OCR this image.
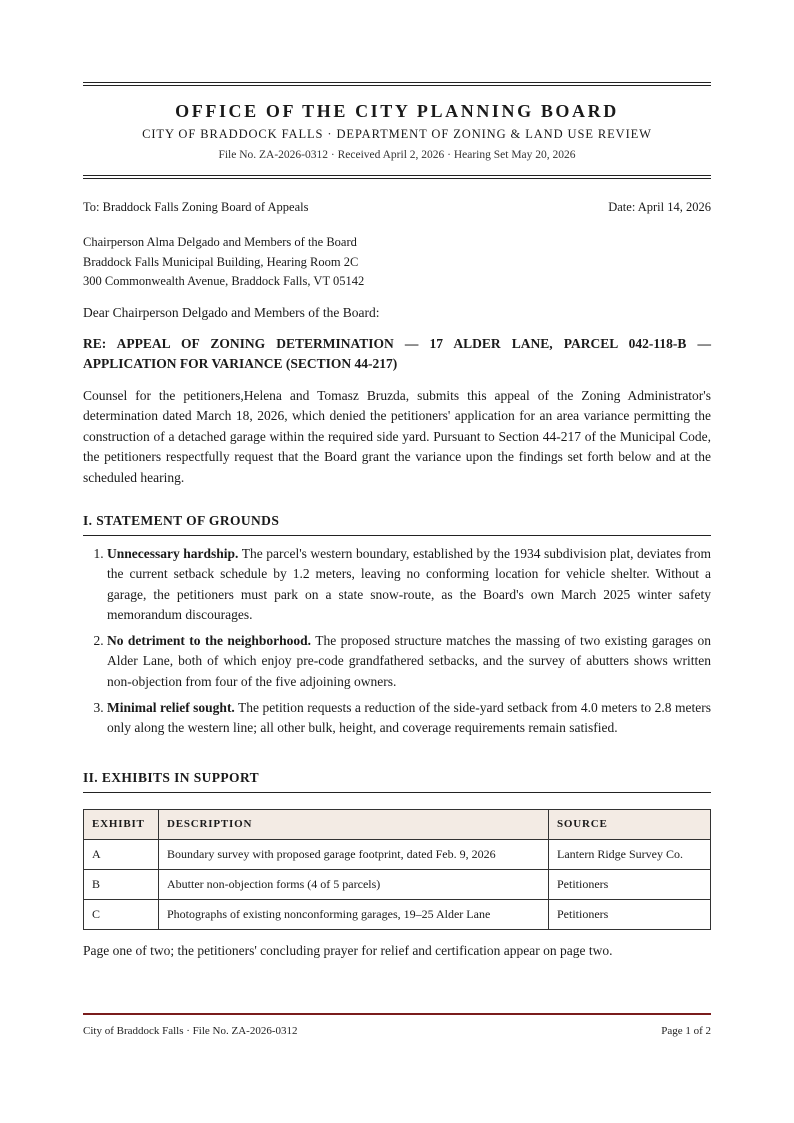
OFFICE OF THE CITY PLANNING BOARD
CITY OF BRADDOCK FALLS · DEPARTMENT OF ZONING & LAND USE REVIEW
File No. ZA-2026-0312 · Received April 2, 2026 · Hearing Set May 20, 2026
To: Braddock Falls Zoning Board of Appeals	Date: April 14, 2026
Chairperson Alma Delgado and Members of the Board
Braddock Falls Municipal Building, Hearing Room 2C
300 Commonwealth Avenue, Braddock Falls, VT 05142
Dear Chairperson Delgado and Members of the Board:
RE: APPEAL OF ZONING DETERMINATION — 17 ALDER LANE, PARCEL 042-118-B — APPLICATION FOR VARIANCE (SECTION 44-217)
Counsel for the petitioners,Helena and Tomasz Bruzda, submits this appeal of the Zoning Administrator's determination dated March 18, 2026, which denied the petitioners' application for an area variance permitting the construction of a detached garage within the required side yard. Pursuant to Section 44-217 of the Municipal Code, the petitioners respectfully request that the Board grant the variance upon the findings set forth below and at the scheduled hearing.
I. STATEMENT OF GROUNDS
1. Unnecessary hardship. The parcel's western boundary, established by the 1934 subdivision plat, deviates from the current setback schedule by 1.2 meters, leaving no conforming location for vehicle shelter. Without a garage, the petitioners must park on a state snow-route, as the Board's own March 2025 winter safety memorandum discourages.
2. No detriment to the neighborhood. The proposed structure matches the massing of two existing garages on Alder Lane, both of which enjoy pre-code grandfathered setbacks, and the survey of abutters shows written non-objection from four of the five adjoining owners.
3. Minimal relief sought. The petition requests a reduction of the side-yard setback from 4.0 meters to 2.8 meters only along the western line; all other bulk, height, and coverage requirements remain satisfied.
II. EXHIBITS IN SUPPORT
EXHIBIT	DESCRIPTION	SOURCE
A	Boundary survey with proposed garage footprint, dated Feb. 9, 2026	Lantern Ridge Survey Co.
B	Abutter non-objection forms (4 of 5 parcels)	Petitioners
C	Photographs of existing nonconforming garages, 19–25 Alder Lane	Petitioners
Page one of two; the petitioners' concluding prayer for relief and certification appear on page two.
City of Braddock Falls · File No. ZA-2026-0312	Page 1 of 2
